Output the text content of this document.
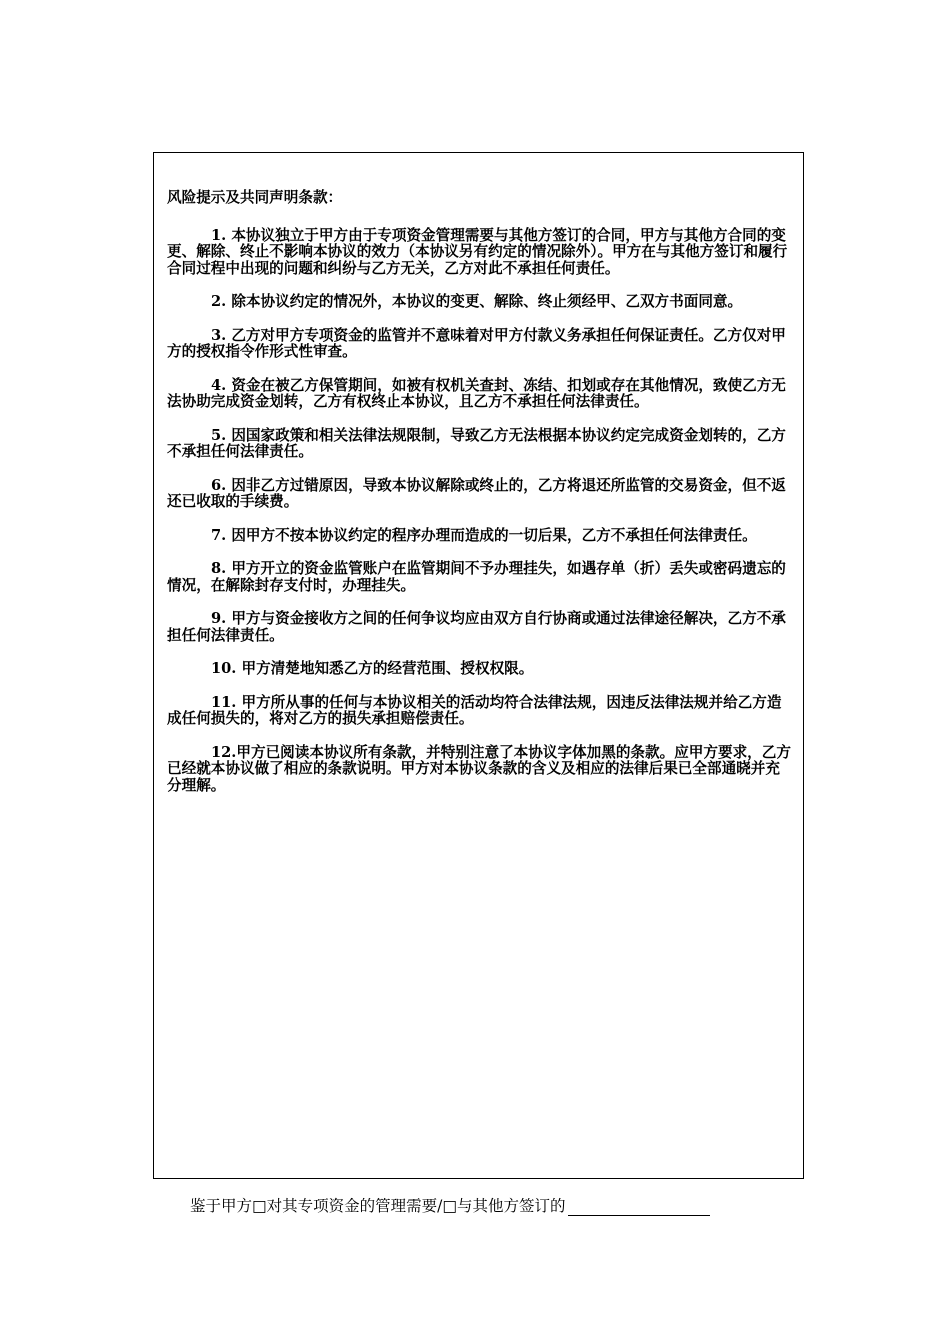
风险提示及共同声明条款：

1. 本协议独立于甲方由于专项资金管理需要与其他方签订的合同，甲方与其他方合同的变更、解除、终止不影响本协议的效力（本协议另有约定的情况除外）。甲方在与其他方签订和履行合同过程中出现的问题和纠纷与乙方无关，乙方对此不承担任何责任。

2. 除本协议约定的情况外，本协议的变更、解除、终止须经甲、乙双方书面同意。

3. 乙方对甲方专项资金的监管并不意味着对甲方付款义务承担任何保证责任。乙方仅对甲方的授权指令作形式性审查。

4. 资金在被乙方保管期间，如被有权机关查封、冻结、扣划或存在其他情况，致使乙方无法协助完成资金划转，乙方有权终止本协议，且乙方不承担任何法律责任。

5. 因国家政策和相关法律法规限制，导致乙方无法根据本协议约定完成资金划转的，乙方不承担任何法律责任。

6. 因非乙方过错原因，导致本协议解除或终止的，乙方将退还所监管的交易资金，但不返还已收取的手续费。

7. 因甲方不按本协议约定的程序办理而造成的一切后果，乙方不承担任何法律责任。

8. 甲方开立的资金监管账户在监管期间不予办理挂失，如遇存单（折）丢失或密码遗忘的情况，在解除封存支付时，办理挂失。

9. 甲方与资金接收方之间的任何争议均应由双方自行协商或通过法律途径解决，乙方不承担任何法律责任。

10. 甲方清楚地知悉乙方的经营范围、授权权限。

11. 甲方所从事的任何与本协议相关的活动均符合法律法规，因违反法律法规并给乙方造成任何损失的，将对乙方的损失承担赔偿责任。

12.甲方已阅读本协议所有条款，并特别注意了本协议字体加黑的条款。应甲方要求，乙方已经就本协议做了相应的条款说明。甲方对本协议条款的含义及相应的法律后果已全部通晓并充分理解。

鉴于甲方□对其专项资金的管理需要/□与其他方签订的
